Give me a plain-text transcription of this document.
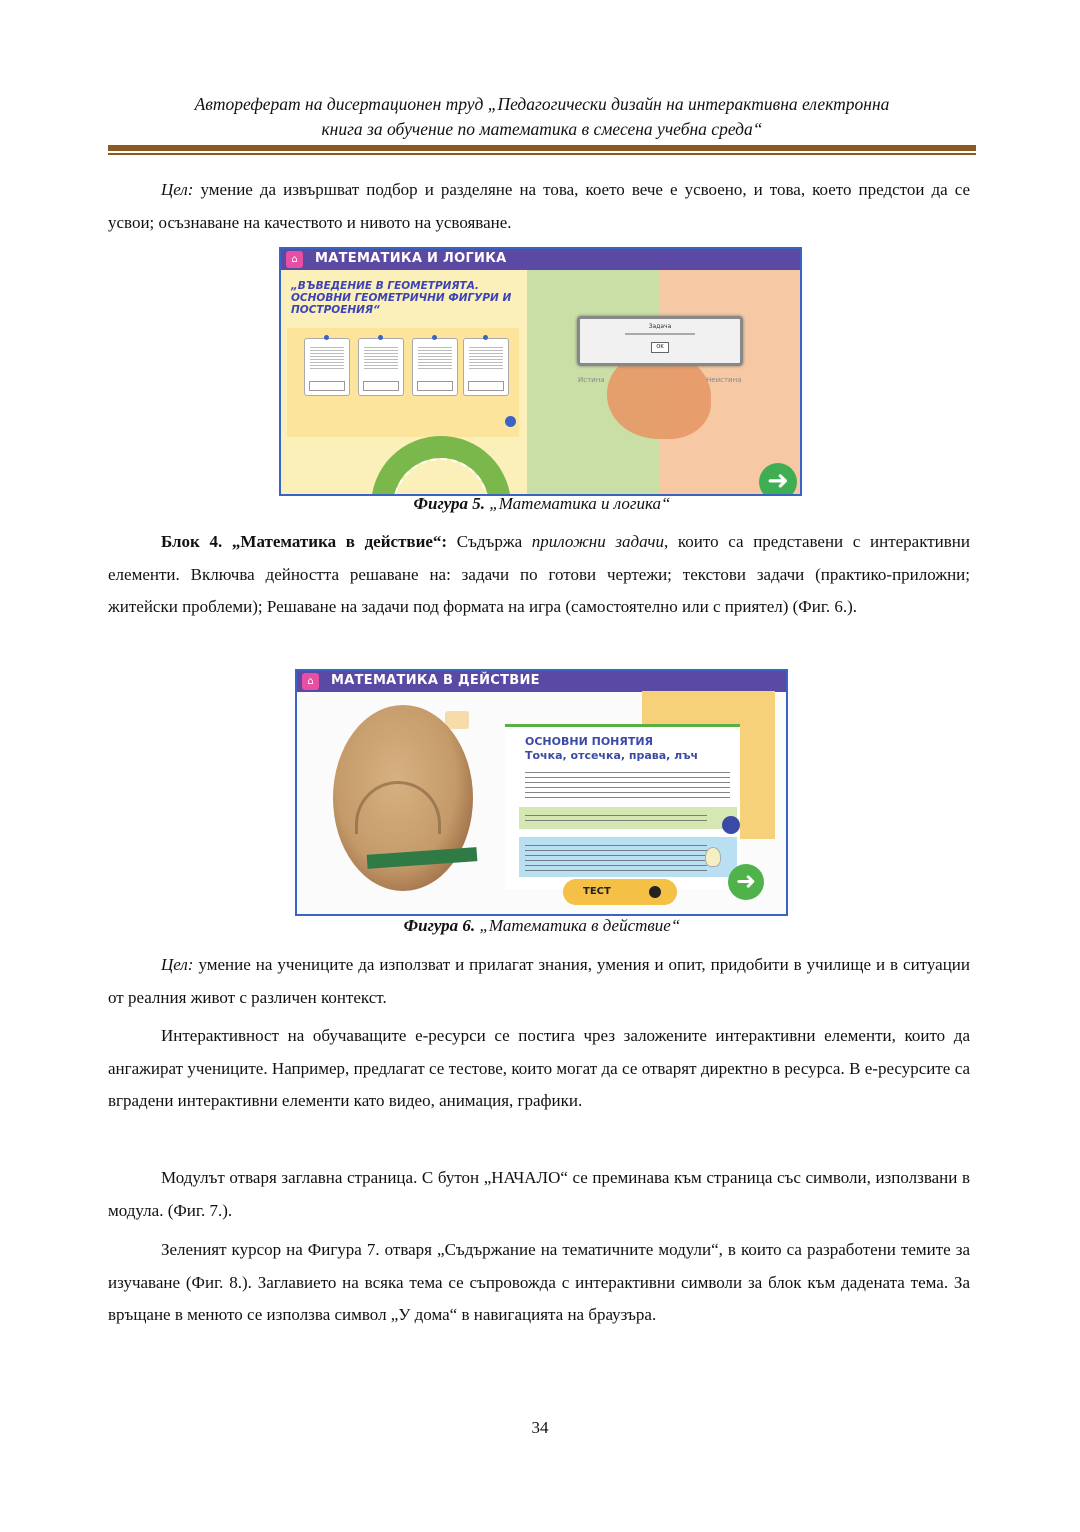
Автореферат на дисертационен труд „Педагогически дизайн на интерактивна електронна
книга за обучение по математика в смесена учебна среда“
Цел: умение да извършват подбор и разделяне на това, което вече е усвоено, и това, което предстои да се усвои; осъзнаване на качеството и нивото на усвояване.
⌂	МАТЕМАТИКА И ЛОГИКА
„ВЪВЕДЕНИЕ В ГЕОМЕТРИЯТА. ОСНОВНИ ГЕОМЕТРИЧНИ ФИГУРИ И ПОСТРОЕНИЯ“
Задача
OK
Истина	Неистина
➜
Фигура 5. „Математика и логика“
Блок 4. „Математика в действие“: Съдържа приложни задачи, които са представени с интерактивни елементи. Включва дейността решаване на: задачи по готови чертежи; текстови задачи (практико-приложни; житейски проблеми); Решаване на задачи под формата на игра (самостоятелно или с приятел) (Фиг. 6.).
⌂	МАТЕМАТИКА В ДЕЙСТВИЕ
ОСНОВНИ ПОНЯТИЯ
Точка, отсечка, права, лъч
ТЕСТ	➜
Фигура 6. „Математика в действие“
Цел: умение на учениците да използват и прилагат знания, умения и опит, придобити в училище и в ситуации от реалния живот с различен контекст.
Интерактивност на обучаващите е-ресурси се постига чрез заложените интерактивни елементи, които да ангажират учениците. Например, предлагат се тестове, които могат да се отварят директно в ресурса. В е-ресурсите са вградени интерактивни елементи като видео, анимация, графики.
Модулът отваря заглавна страница. С бутон „НАЧАЛО“ се преминава към страница със символи, използвани в модула. (Фиг. 7.).
Зеленият курсор на Фигура 7. отваря „Съдържание на тематичните модули“, в които са разработени темите за изучаване (Фиг. 8.). Заглавието на всяка тема се съпровожда с интерактивни символи за блок към дадената тема. За връщане в менюто се използва символ „У дома“ в навигацията на браузъра.
34
